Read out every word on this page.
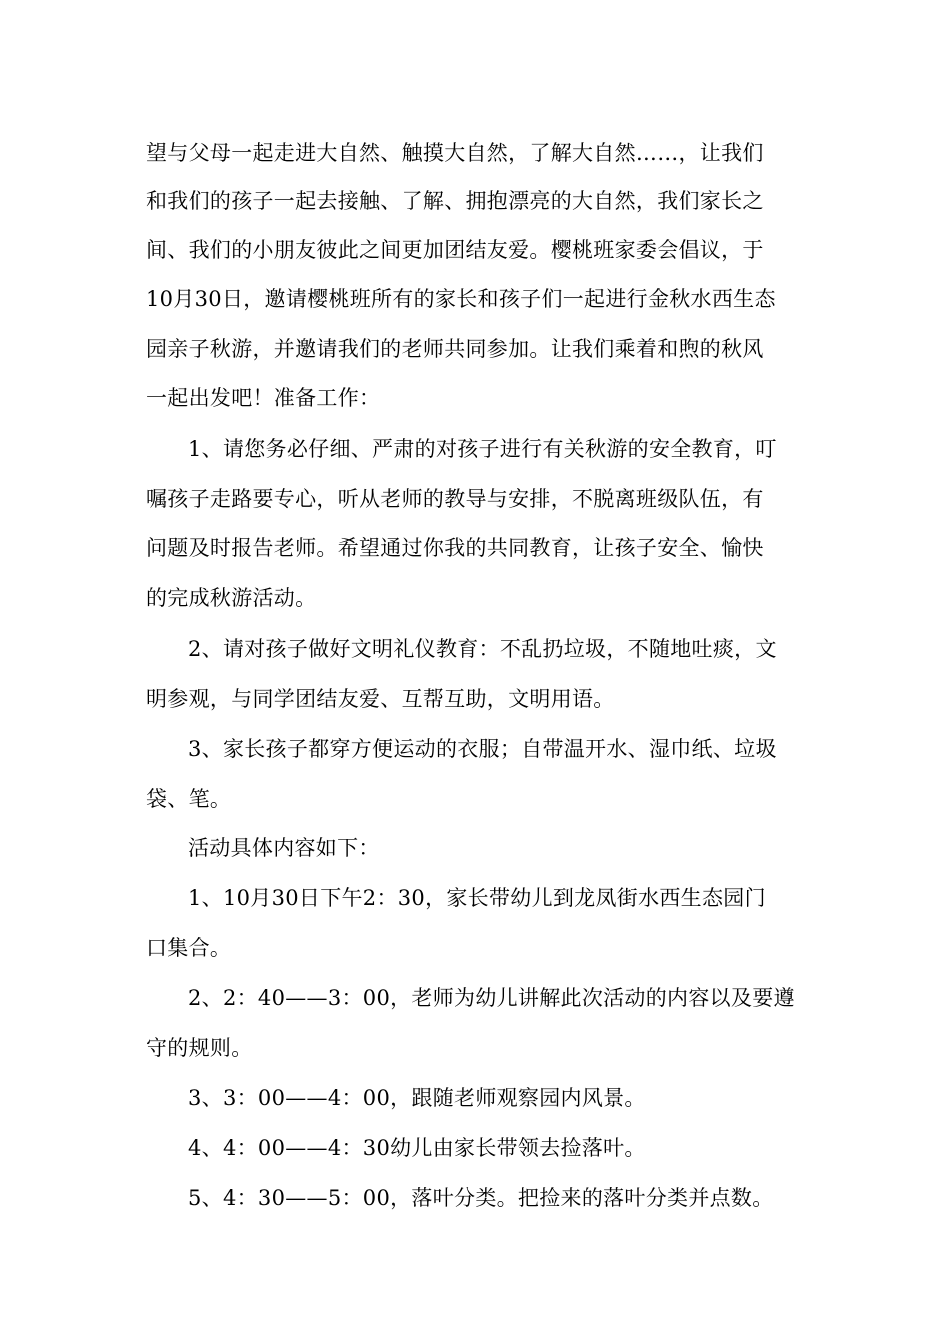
望与父母一起走进大自然、触摸大自然，了解大自然……，让我们
和我们的孩子一起去接触、了解、拥抱漂亮的大自然，我们家长之
间、我们的小朋友彼此之间更加团结友爱。樱桃班家委会倡议，于
10月30日，邀请樱桃班所有的家长和孩子们一起进行金秋水西生态
园亲子秋游，并邀请我们的老师共同参加。让我们乘着和煦的秋风
一起出发吧！准备工作：
1、请您务必仔细、严肃的对孩子进行有关秋游的安全教育，叮
嘱孩子走路要专心，听从老师的教导与安排，不脱离班级队伍，有
问题及时报告老师。希望通过你我的共同教育，让孩子安全、愉快
的完成秋游活动。
2、请对孩子做好文明礼仪教育：不乱扔垃圾，不随地吐痰，文
明参观，与同学团结友爱、互帮互助，文明用语。
3、家长孩子都穿方便运动的衣服；自带温开水、湿巾纸、垃圾
袋、笔。
活动具体内容如下：
1、10月30日下午2：30，家长带幼儿到龙凤街水西生态园门
口集合。
2、2：40——3：00，老师为幼儿讲解此次活动的内容以及要遵
守的规则。
3、3：00——4：00，跟随老师观察园内风景。
4、4：00——4：30幼儿由家长带领去捡落叶。
5、4：30——5：00，落叶分类。把捡来的落叶分类并点数。
